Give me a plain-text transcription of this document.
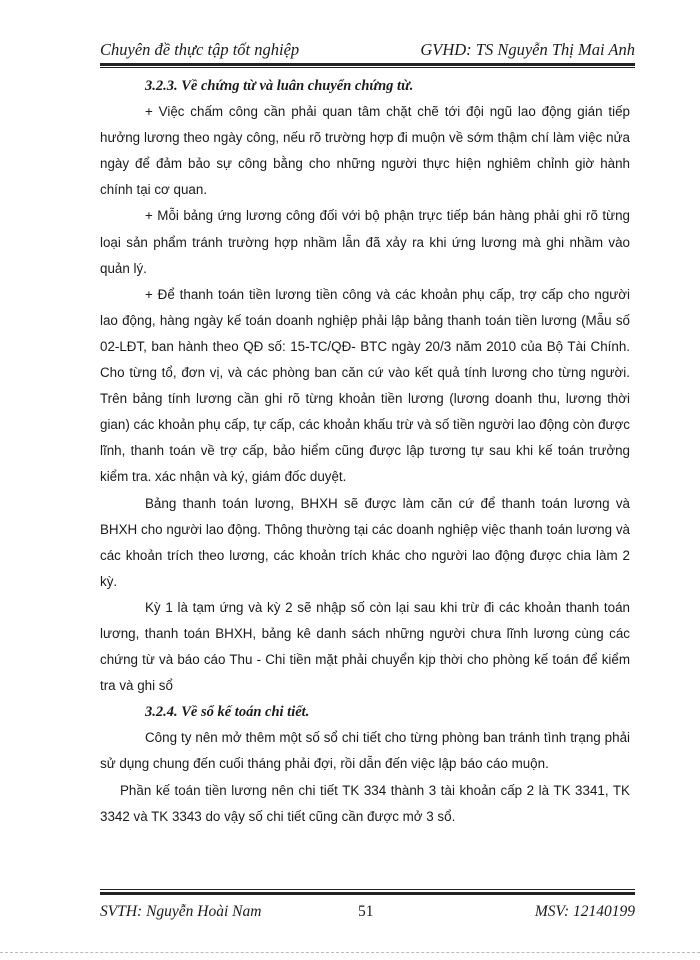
Chuyên đề thực tập tốt nghiệp	GVHD: TS Nguyễn Thị Mai Anh

3.2.3. Về chứng từ và luân chuyển chứng từ.

+ Việc chấm công cần phải quan tâm chặt chẽ tới đội ngũ lao động gián tiếp hưởng lương theo ngày công, nếu rõ trường hợp đi muộn về sớm thậm chí làm việc nửa ngày để đảm bảo sự công bằng cho những người thực hiện nghiêm chỉnh giờ hành chính tại cơ quan.

+ Mỗi bảng ứng lương công đối với bộ phận trực tiếp bán hàng phải ghi rõ từng loại sản phẩm tránh trường hợp nhầm lẫn đã xảy ra khi ứng lương mà ghi nhầm vào quản lý.

+ Để thanh toán tiền lương tiền công và các khoản phụ cấp, trợ cấp cho người lao động, hàng ngày kế toán doanh nghiệp phải lập bảng thanh toán tiền lương (Mẫu số 02-LĐT, ban hành theo QĐ số: 15-TC/QĐ- BTC ngày 20/3 năm 2010 của Bộ Tài Chính. Cho từng tổ, đơn vị, và các phòng ban căn cứ vào kết quả tính lương cho từng người. Trên bảng tính lương cần ghi rõ từng khoản tiền lương (lương doanh thu, lương thời gian) các khoản phụ cấp, tự cấp, các khoản khấu trừ và số tiền người lao động còn được lĩnh, thanh toán về trợ cấp, bảo hiểm cũng được lập tương tự sau khi kế toán trưởng kiểm tra. xác nhận và ký, giám đốc duyệt.

Bảng thanh toán lương, BHXH sẽ được làm căn cứ để thanh toán lương và BHXH cho người lao động. Thông thường tại các doanh nghiệp việc thanh toán lương và các khoản trích theo lương, các khoản trích khác cho người lao động được chia làm 2 kỳ.

Kỳ 1 là tạm ứng và kỳ 2 sẽ nhập số còn lại sau khi trừ đi các khoản thanh toán lương, thanh toán BHXH, bảng kê danh sách những người chưa lĩnh lương cùng các chứng từ và báo cáo Thu - Chi tiền mặt phải chuyển kịp thời cho phòng kế toán để kiểm tra và ghi sổ

3.2.4. Về sổ kế toán chi tiết.

Công ty nên mở thêm một số sổ chi tiết cho từng phòng ban tránh tình trạng phải sử dụng chung đến cuối tháng phải đợi, rồi dẫn đến việc lập báo cáo muộn.

Phần kế toán tiền lương nên chi tiết TK 334 thành 3 tài khoản cấp 2 là TK 3341, TK 3342 và TK 3343 do vậy số chi tiết cũng cần được mở 3 sổ.

SVTH: Nguyễn Hoài Nam	51	MSV: 12140199
